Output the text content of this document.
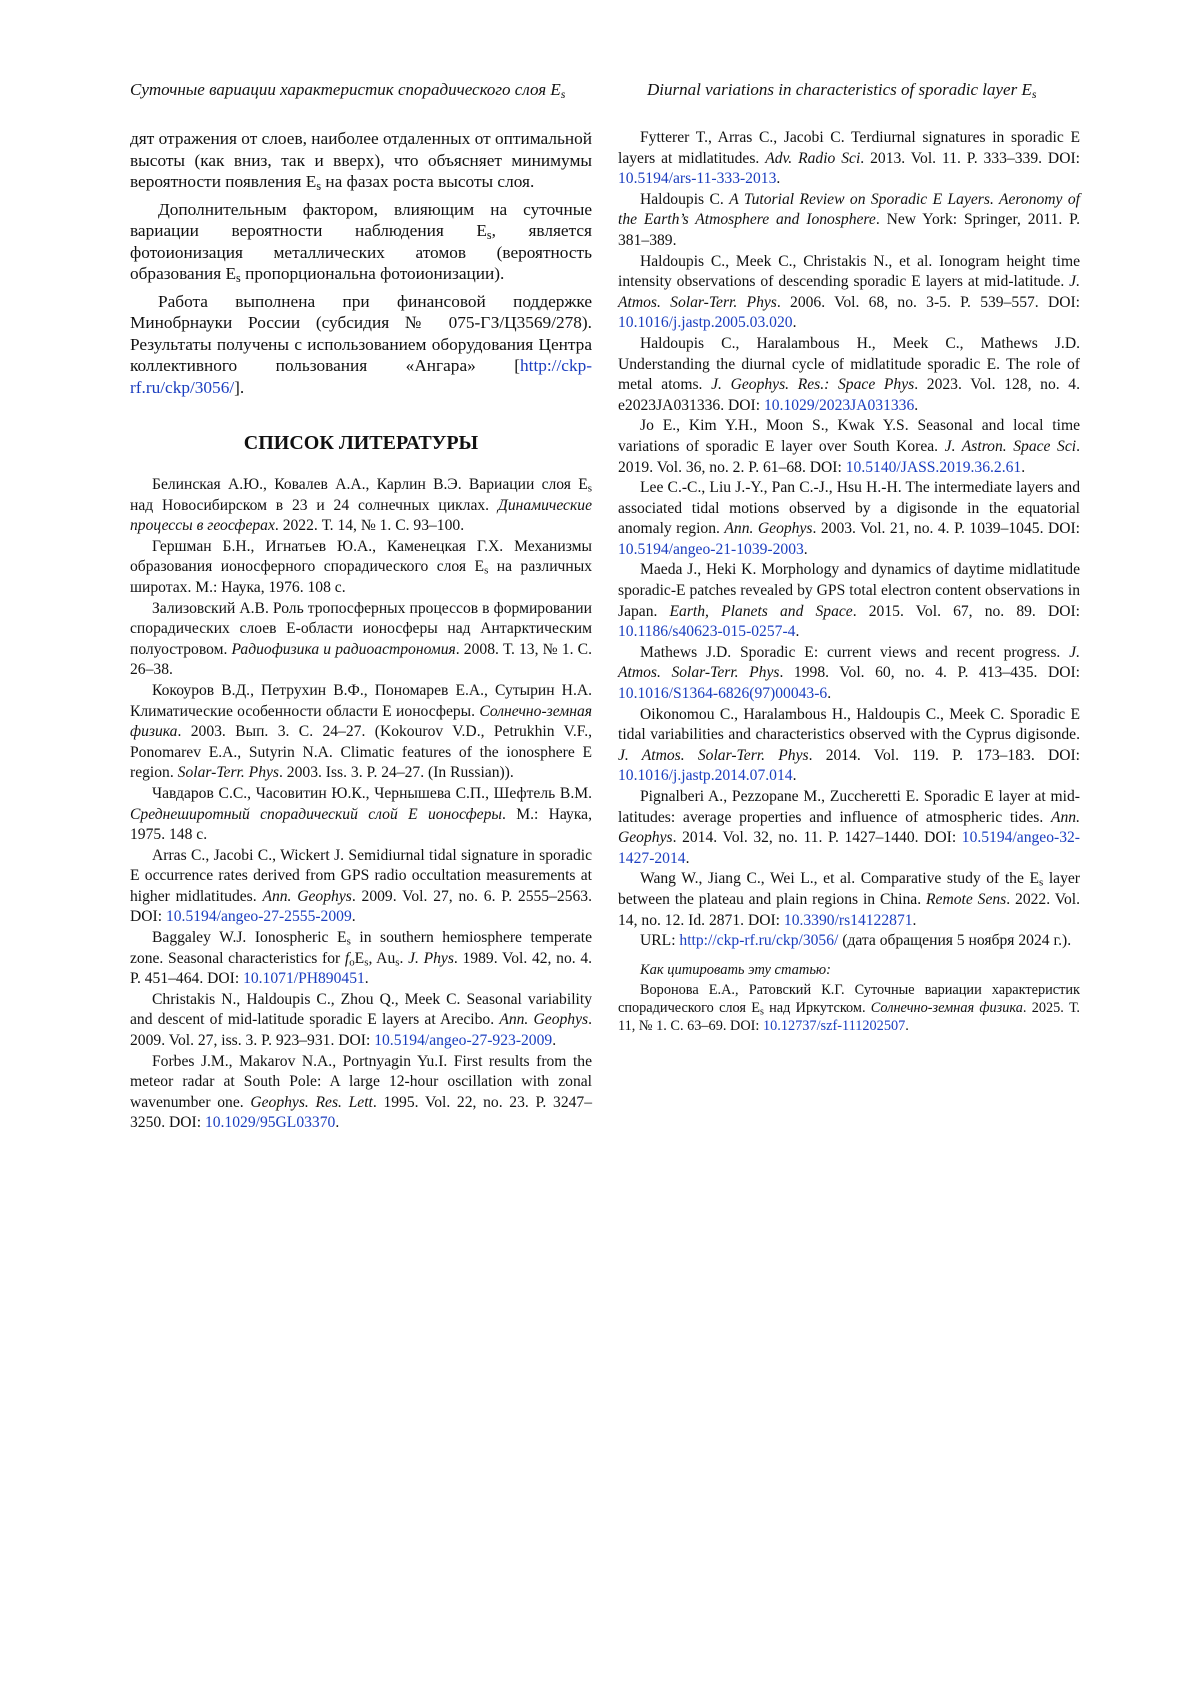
Суточные вариации характеристик спорадического слоя $E_s$	Diurnal variations in characteristics of sporadic layer $E_s$

дят отражения от слоев, наиболее отдаленных от оптимальной высоты (как вниз, так и вверх), что объясняет минимумы вероятности появления $E_s$ на фазах роста высоты слоя.

Дополнительным фактором, влияющим на суточные вариации вероятности наблюдения $E_s$, является фотоионизация металлических атомов (вероятность образования $E_s$ пропорциональна фотоионизации).

Работа выполнена при финансовой поддержке Минобрнауки России (субсидия № 075-ГЗ/Ц3569/278). Результаты получены с использованием оборудования Центра коллективного пользования «Ангара» [http://ckp-rf.ru/ckp/3056/].

СПИСОК ЛИТЕРАТУРЫ

Белинская А.Ю., Ковалев А.А., Карлин В.Э. Вариации слоя $E_s$ над Новосибирском в 23 и 24 солнечных циклах. Динамические процессы в геосферах. 2022. Т. 14, № 1. С. 93–100.

Гершман Б.Н., Игнатьев Ю.А., Каменецкая Г.Х. Механизмы образования ионосферного спорадического слоя $E_s$ на различных широтах. М.: Наука, 1976. 108 с.

Зализовский А.В. Роль тропосферных процессов в формировании спорадических слоев E-области ионосферы над Антарктическим полуостровом. Радиофизика и радиоастрономия. 2008. Т. 13, № 1. С. 26–38.

Кокоуров В.Д., Петрухин В.Ф., Пономарев Е.А., Сутырин Н.А. Климатические особенности области E ионосферы. Солнечно-земная физика. 2003. Вып. 3. С. 24–27. (Kokourov V.D., Petrukhin V.F., Ponomarev E.A., Sutyrin N.A. Climatic features of the ionosphere E region. Solar-Terr. Phys. 2003. Iss. 3. P. 24–27. (In Russian)).

Чавдаров С.С., Часовитин Ю.К., Чернышева С.П., Шефтель В.М. Среднеширотный спорадический слой E ионосферы. М.: Наука, 1975. 148 с.

Arras C., Jacobi C., Wickert J. Semidiurnal tidal signature in sporadic E occurrence rates derived from GPS radio occultation measurements at higher midlatitudes. Ann. Geophys. 2009. Vol. 27, no. 6. P. 2555–2563. DOI: 10.5194/angeo-27-2555-2009.

Baggaley W.J. Ionospheric $E_s$ in southern hemiosphere temperate zone. Seasonal characteristics for $f_oE_s$, $Au_s$. J. Phys. 1989. Vol. 42, no. 4. P. 451–464. DOI: 10.1071/PH890451.

Christakis N., Haldoupis C., Zhou Q., Meek C. Seasonal variability and descent of mid-latitude sporadic E layers at Arecibo. Ann. Geophys. 2009. Vol. 27, iss. 3. P. 923–931. DOI: 10.5194/angeo-27-923-2009.

Forbes J.M., Makarov N.A., Portnyagin Yu.I. First results from the meteor radar at South Pole: A large 12-hour oscillation with zonal wavenumber one. Geophys. Res. Lett. 1995. Vol. 22, no. 23. P. 3247–3250. DOI: 10.1029/95GL03370.

Fytterer T., Arras C., Jacobi C. Terdiurnal signatures in sporadic E layers at midlatitudes. Adv. Radio Sci. 2013. Vol. 11. P. 333–339. DOI: 10.5194/ars-11-333-2013.

Haldoupis C. A Tutorial Review on Sporadic E Layers. Aeronomy of the Earth’s Atmosphere and Ionosphere. New York: Springer, 2011. P. 381–389.

Haldoupis C., Meek C., Christakis N., et al. Ionogram height time intensity observations of descending sporadic E layers at mid-latitude. J. Atmos. Solar-Terr. Phys. 2006. Vol. 68, no. 3-5. P. 539–557. DOI: 10.1016/j.jastp.2005.03.020.

Haldoupis C., Haralambous H., Meek C., Mathews J.D. Understanding the diurnal cycle of midlatitude sporadic E. The role of metal atoms. J. Geophys. Res.: Space Phys. 2023. Vol. 128, no. 4. e2023JA031336. DOI: 10.1029/2023JA031336.

Jo E., Kim Y.H., Moon S., Kwak Y.S. Seasonal and local time variations of sporadic E layer over South Korea. J. Astron. Space Sci. 2019. Vol. 36, no. 2. P. 61–68. DOI: 10.5140/JASS.2019.36.2.61.

Lee C.-C., Liu J.-Y., Pan C.-J., Hsu H.-H. The intermediate layers and associated tidal motions observed by a digisonde in the equatorial anomaly region. Ann. Geophys. 2003. Vol. 21, no. 4. P. 1039–1045. DOI: 10.5194/angeo-21-1039-2003.

Maeda J., Heki K. Morphology and dynamics of daytime midlatitude sporadic-E patches revealed by GPS total electron content observations in Japan. Earth, Planets and Space. 2015. Vol. 67, no. 89. DOI: 10.1186/s40623-015-0257-4.

Mathews J.D. Sporadic E: current views and recent progress. J. Atmos. Solar-Terr. Phys. 1998. Vol. 60, no. 4. P. 413–435. DOI: 10.1016/S1364-6826(97)00043-6.

Oikonomou C., Haralambous H., Haldoupis C., Meek C. Sporadic E tidal variabilities and characteristics observed with the Cyprus digisonde. J. Atmos. Solar-Terr. Phys. 2014. Vol. 119. P. 173–183. DOI: 10.1016/j.jastp.2014.07.014.

Pignalberi A., Pezzopane M., Zuccheretti E. Sporadic E layer at mid-latitudes: average properties and influence of atmospheric tides. Ann. Geophys. 2014. Vol. 32, no. 11. P. 1427–1440. DOI: 10.5194/angeo-32-1427-2014.

Wang W., Jiang C., Wei L., et al. Comparative study of the $E_s$ layer between the plateau and plain regions in China. Remote Sens. 2022. Vol. 14, no. 12. Id. 2871. DOI: 10.3390/rs14122871.

URL: http://ckp-rf.ru/ckp/3056/ (дата обращения 5 ноября 2024 г.).

Как цитировать эту статью:

Воронова Е.А., Ратовский К.Г. Суточные вариации характеристик спорадического слоя $E_s$ над Иркутском. Солнечно-земная физика. 2025. Т. 11, № 1. С. 63–69. DOI: 10.12737/szf-111202507.
